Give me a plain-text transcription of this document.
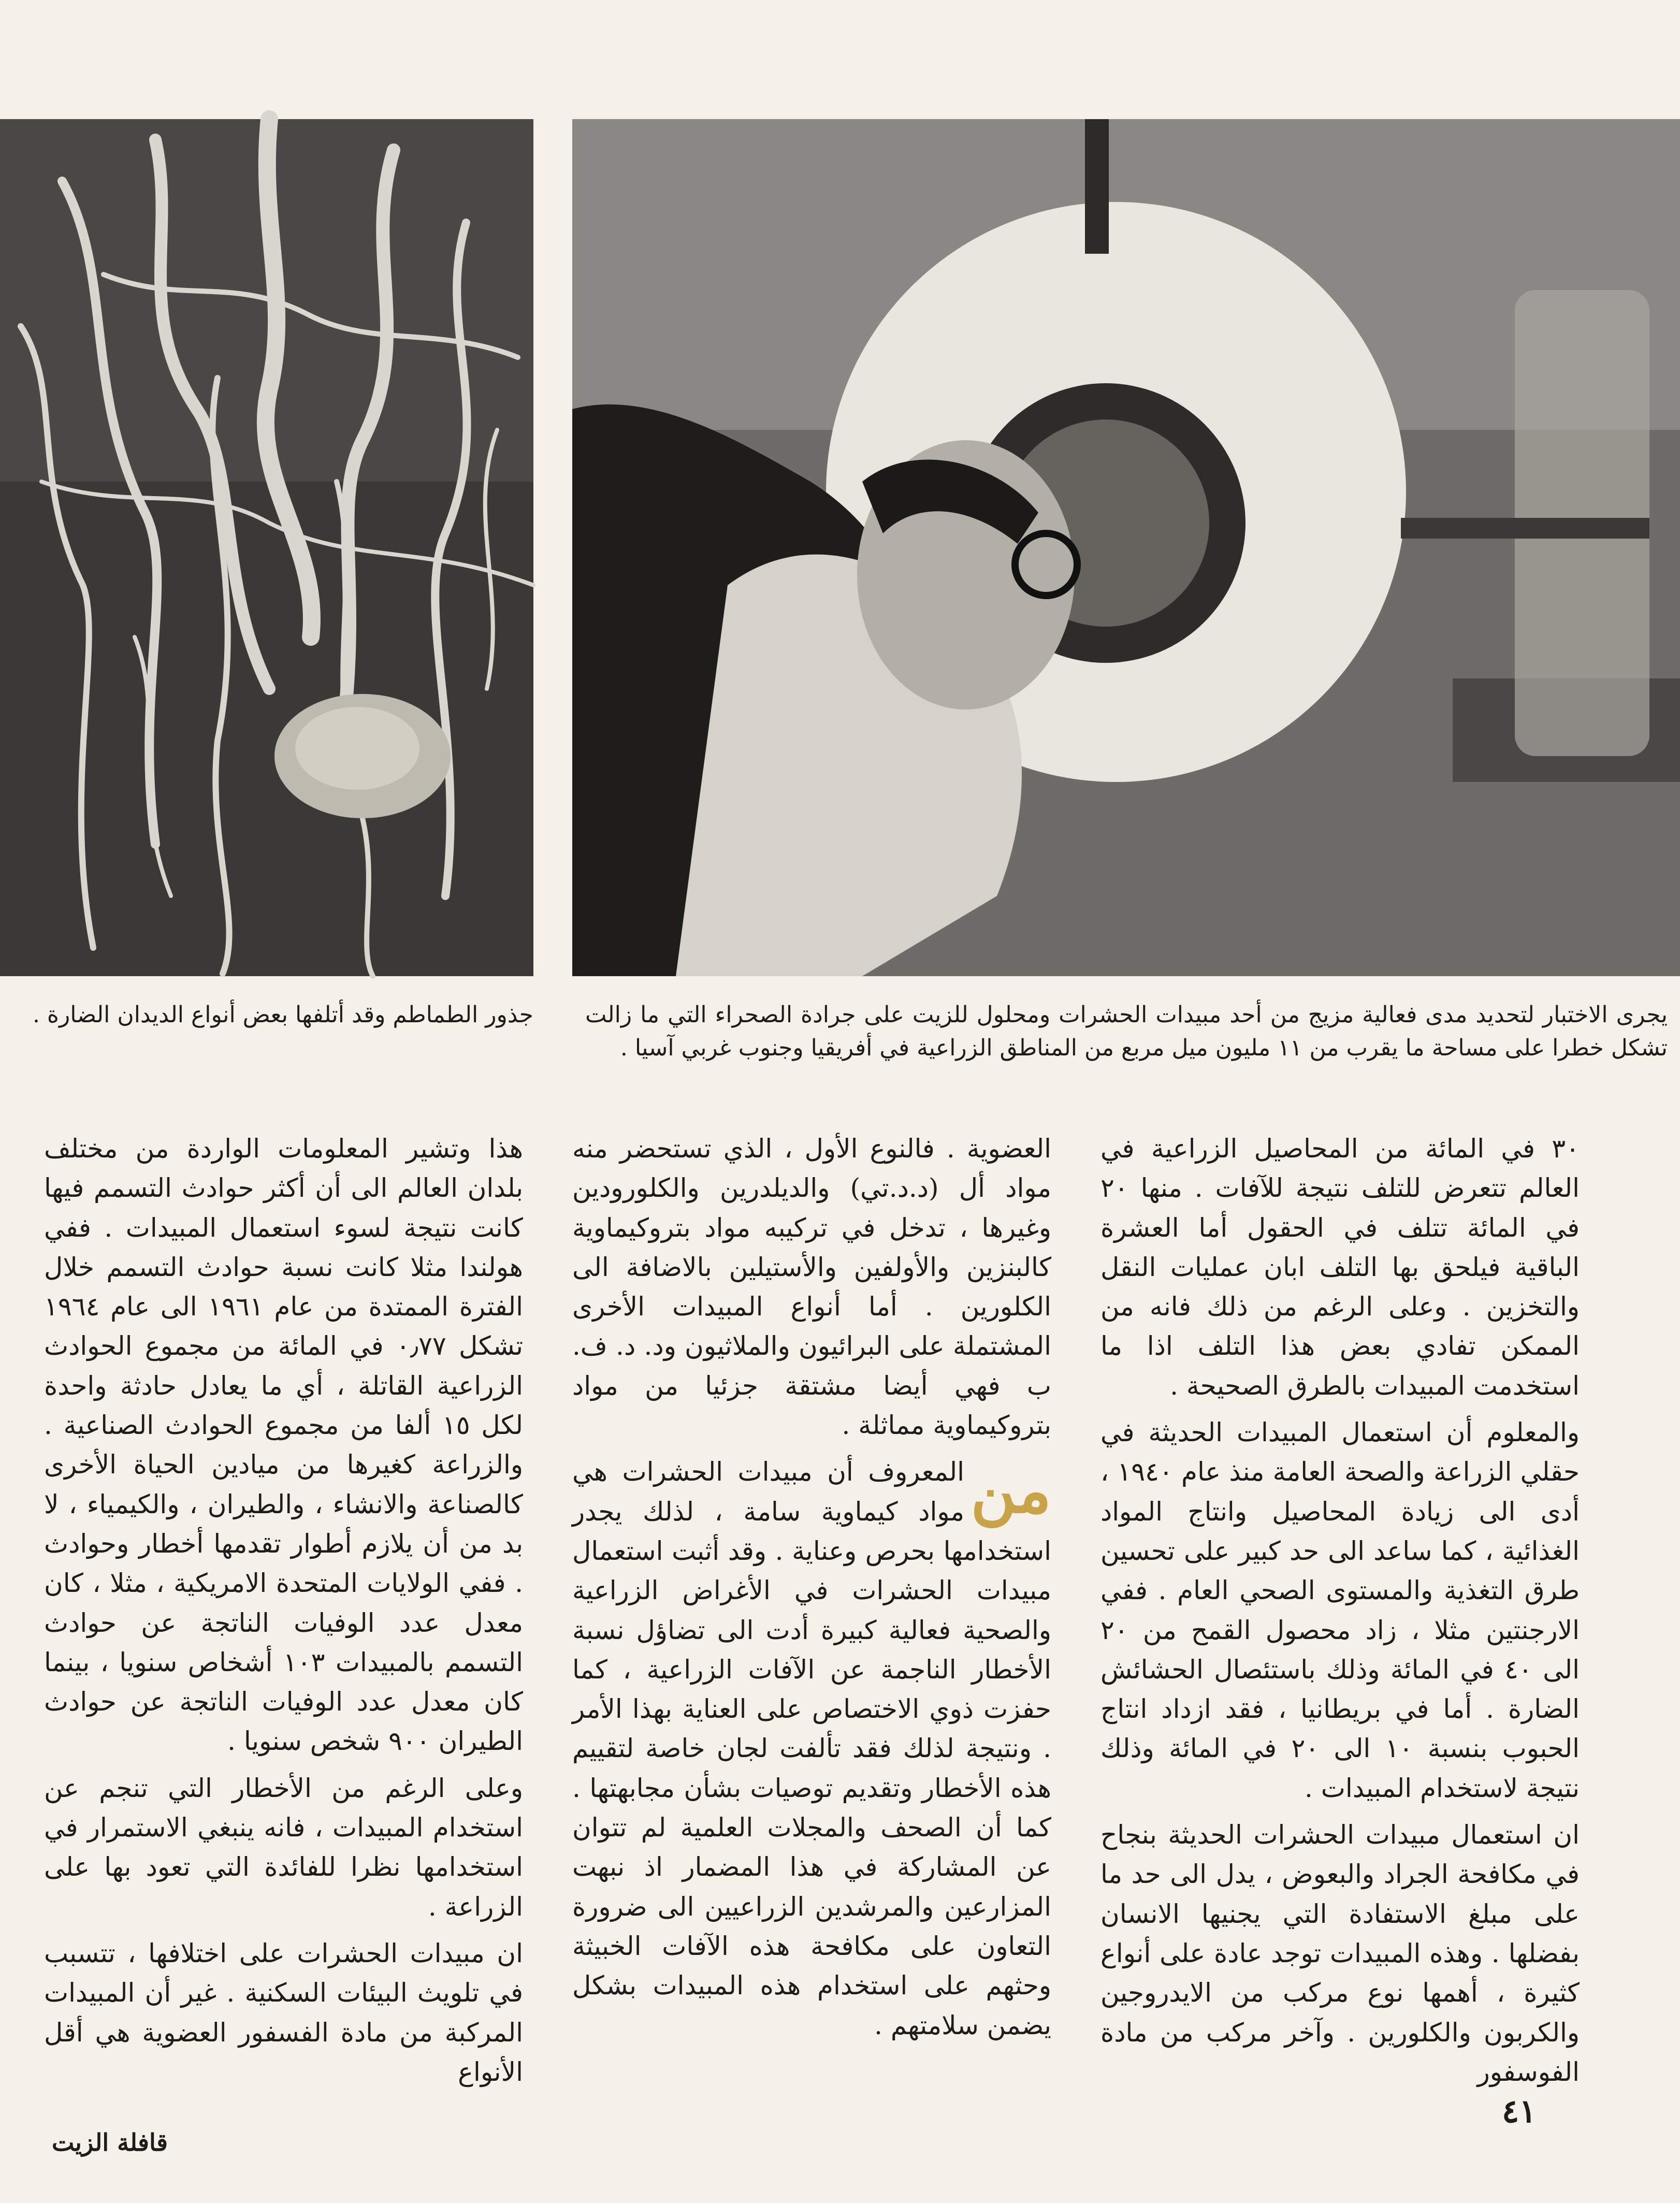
جذور الطماطم وقد أتلفها بعض أنواع الديدان الضارة . يجرى الاختبار لتحديد مدى فعالية مزيج من أحد مبيدات الحشرات ومحلول للزيت على جرادة الصحراء التي ما زالت تشكل خطرا على مساحة ما يقرب من ١١ مليون ميل مربع من المناطق الزراعية في أفريقيا وجنوب غربي آسيا .

٣٠ في المائة من المحاصيل الزراعية في العالم تتعرض للتلف نتيجة للآفات . منها ٢٠ في المائة تتلف في الحقول أما العشرة الباقية فيلحق بها التلف ابان عمليات النقل والتخزين . وعلى الرغم من ذلك فانه من الممكن تفادي بعض هذا التلف اذا ما استخدمت المبيدات بالطرق الصحيحة .

والمعلوم أن استعمال المبيدات الحديثة في حقلي الزراعة والصحة العامة منذ عام ١٩٤٠ ، أدى الى زيادة المحاصيل وانتاج المواد الغذائية ، كما ساعد الى حد كبير على تحسين طرق التغذية والمستوى الصحي العام . ففي الارجنتين مثلا ، زاد محصول القمح من ٢٠ الى ٤٠ في المائة وذلك باستئصال الحشائش الضارة . أما في بريطانيا ، فقد ازداد انتاج الحبوب بنسبة ١٠ الى ٢٠ في المائة وذلك نتيجة لاستخدام المبيدات .

ان استعمال مبيدات الحشرات الحديثة بنجاح في مكافحة الجراد والبعوض ، يدل الى حد ما على مبلغ الاستفادة التي يجنيها الانسان بفضلها . وهذه المبيدات توجد عادة على أنواع كثيرة ، أهمها نوع مركب من الايدروجين والكربون والكلورين . وآخر مركب من مادة الفوسفور

العضوية . فالنوع الأول ، الذي تستحضر منه مواد أل (د.د.تي) والديلدرين والكلورودين وغيرها ، تدخل في تركيبه مواد بتروكيماوية كالبنزين والأولفين والأستيلين بالاضافة الى الكلورين . أما أنواع المبيدات الأخرى المشتملة على البرائيون والملاثيون ود. د. ف. ب فهي أيضا مشتقة جزئيا من مواد بتروكيماوية مماثلة .

من

المعروف أن مبيدات الحشرات هي مواد كيماوية سامة ، لذلك يجدر استخدامها بحرص وعناية . وقد أثبت استعمال مبيدات الحشرات في الأغراض الزراعية والصحية فعالية كبيرة أدت الى تضاؤل نسبة الأخطار الناجمة عن الآفات الزراعية ، كما حفزت ذوي الاختصاص على العناية بهذا الأمر . ونتيجة لذلك فقد تألفت لجان خاصة لتقييم هذه الأخطار وتقديم توصيات بشأن مجابهتها . كما أن الصحف والمجلات العلمية لم تتوان عن المشاركة في هذا المضمار اذ نبهت المزارعين والمرشدين الزراعيين الى ضرورة التعاون على مكافحة هذه الآفات الخبيثة وحثهم على استخدام هذه المبيدات بشكل يضمن سلامتهم .

هذا وتشير المعلومات الواردة من مختلف بلدان العالم الى أن أكثر حوادث التسمم فيها كانت نتيجة لسوء استعمال المبيدات . ففي هولندا مثلا كانت نسبة حوادث التسمم خلال الفترة الممتدة من عام ١٩٦١ الى عام ١٩٦٤ تشكل ٠٫٧٧ في المائة من مجموع الحوادث الزراعية القاتلة ، أي ما يعادل حادثة واحدة لكل ١٥ ألفا من مجموع الحوادث الصناعية . والزراعة كغيرها من ميادين الحياة الأخرى كالصناعة والانشاء ، والطيران ، والكيمياء ، لا بد من أن يلازم أطوار تقدمها أخطار وحوادث . ففي الولايات المتحدة الامريكية ، مثلا ، كان معدل عدد الوفيات الناتجة عن حوادث التسمم بالمبيدات ١٠٣ أشخاص سنويا ، بينما كان معدل عدد الوفيات الناتجة عن حوادث الطيران ٩٠٠ شخص سنويا .

وعلى الرغم من الأخطار التي تنجم عن استخدام المبيدات ، فانه ينبغي الاستمرار في استخدامها نظرا للفائدة التي تعود بها على الزراعة .

ان مبيدات الحشرات على اختلافها ، تتسبب في تلويث البيئات السكنية . غير أن المبيدات المركبة من مادة الفسفور العضوية هي أقل الأنواع

٤١
قافلة الزيت
